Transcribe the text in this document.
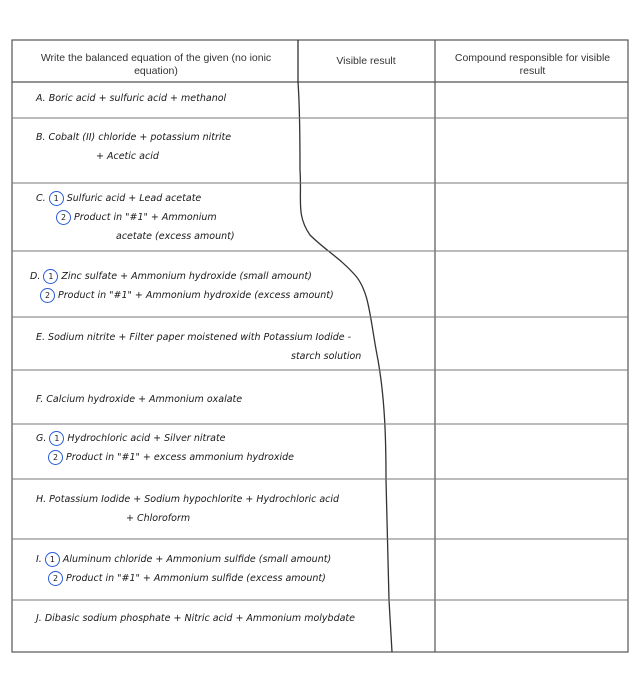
Write the balanced equation of the given (no ionic equation)
Visible result	Compound responsible for visible result
A. Boric acid + sulfuric acid + methanol
B. Cobalt (II) chloride + potassium nitrite
+ Acetic acid
C. 1 Sulfuric acid + Lead acetate
2 Product in "#1" + Ammonium
acetate (excess amount)
D. 1 Zinc sulfate + Ammonium hydroxide (small amount)
2 Product in "#1" + Ammonium hydroxide (excess amount)
E. Sodium nitrite + Filter paper moistened with Potassium Iodide -
starch solution
F. Calcium hydroxide + Ammonium oxalate
G. 1 Hydrochloric acid + Silver nitrate
2 Product in "#1" + excess ammonium hydroxide
H. Potassium Iodide + Sodium hypochlorite + Hydrochloric acid
+ Chloroform
I. 1 Aluminum chloride + Ammonium sulfide (small amount)
2 Product in "#1" + Ammonium sulfide (excess amount)
J. Dibasic sodium phosphate + Nitric acid + Ammonium molybdate
